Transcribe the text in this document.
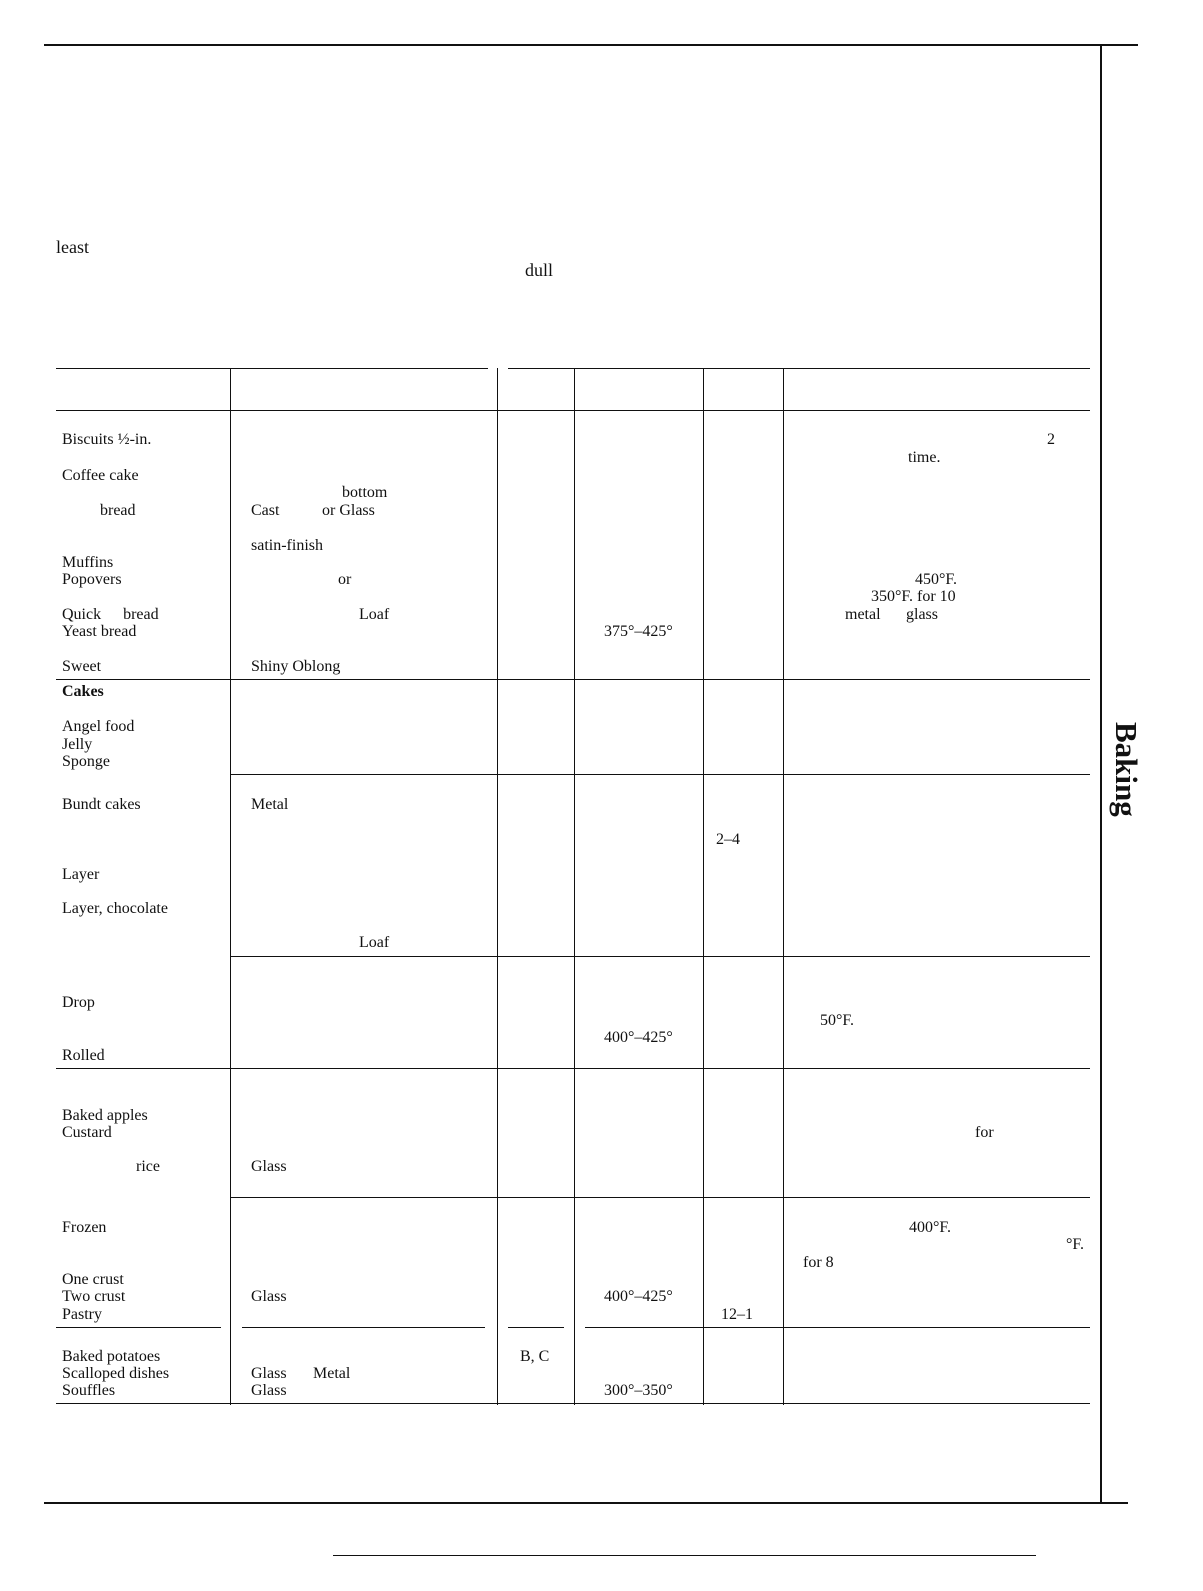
least
dull
Baking
Biscuits ½-in.
Coffee cake
bread
Muffins
Popovers
Quick bread
Yeast bread
Sweet
Cakes
Angel food
Jelly
Sponge
Bundt cakes
Layer
Layer, chocolate
Drop
Rolled
Baked apples
Custard
rice
Frozen
One crust
Two crust
Pastry
Baked potatoes
Scalloped dishes
Souffles
bottom
Cast	or Glass
satin-finish
or
Loaf
Shiny Oblong
Metal
Loaf
Glass
Glass
Glass Metal
Glass
B, C
375°–425°
400°–425°
400°–425°
300°–350°
2–4
12–1
2
time.
450°F.
350°F. for 10
metal glass
50°F.
for
400°F.
°F.
for 8
